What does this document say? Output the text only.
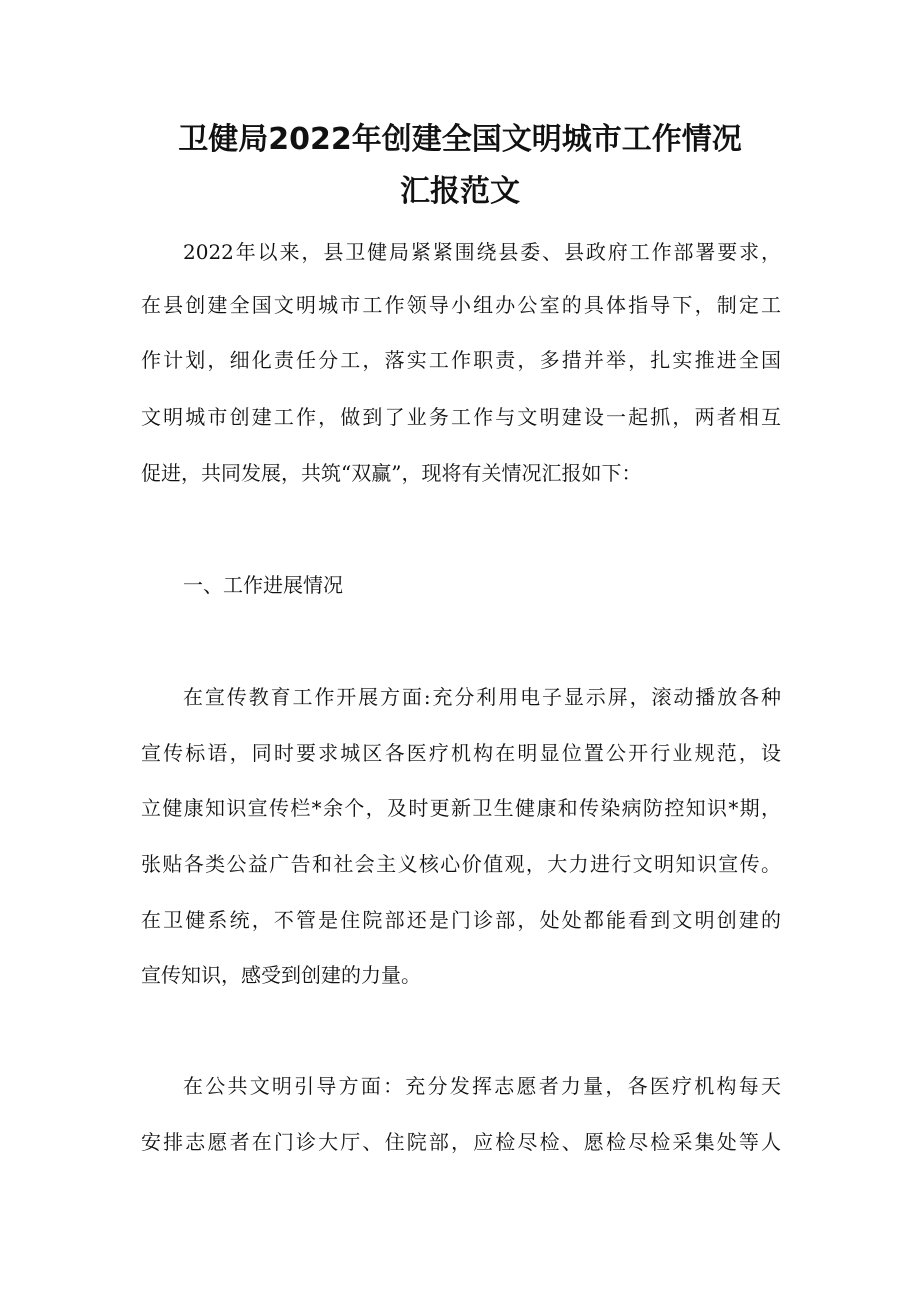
卫健局2022年创建全国文明城市工作情况
汇报范文
2022年以来，县卫健局紧紧围绕县委、县政府工作部署要求，
在县创建全国文明城市工作领导小组办公室的具体指导下，制定工
作计划，细化责任分工，落实工作职责，多措并举，扎实推进全国
文明城市创建工作，做到了业务工作与文明建设一起抓，两者相互
促进，共同发展，共筑“双赢”，现将有关情况汇报如下：
一、工作进展情况
在宣传教育工作开展方面:充分利用电子显示屏，滚动播放各种
宣传标语，同时要求城区各医疗机构在明显位置公开行业规范，设
立健康知识宣传栏*余个，及时更新卫生健康和传染病防控知识*期，
张贴各类公益广告和社会主义核心价值观，大力进行文明知识宣传。
在卫健系统，不管是住院部还是门诊部，处处都能看到文明创建的
宣传知识，感受到创建的力量。
在公共文明引导方面：充分发挥志愿者力量，各医疗机构每天
安排志愿者在门诊大厅、住院部，应检尽检、愿检尽检采集处等人
